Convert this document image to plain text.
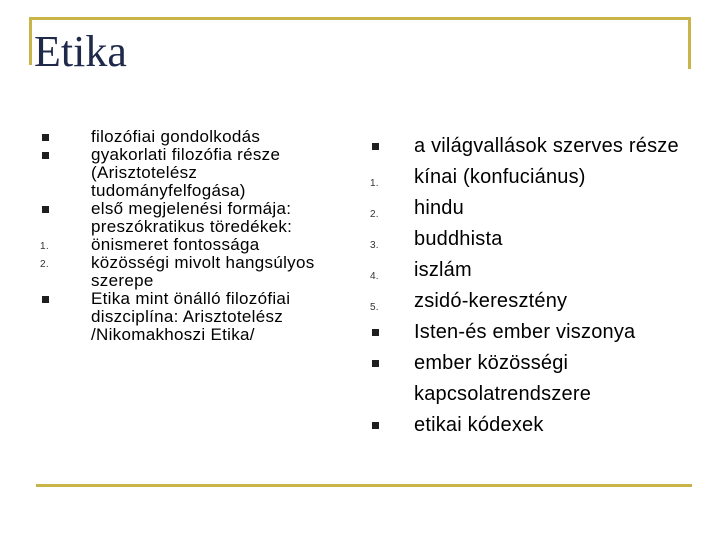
Etika
filozófiai gondolkodás
gyakorlati filozófia része (Arisztotelész tudományfelfogása)
első megjelenési formája: preszókratikus töredékek:
1. önismeret fontossága
2. közösségi mivolt hangsúlyos szerepe
Etika mint önálló filozófiai diszciplína: Arisztotelész /Nikomakhoszi Etika/
a világvallások szerves része
1. kínai (konfuciánus)
2. hindu
3. buddhista
4. iszlám
5. zsidó-keresztény
Isten-és ember viszonya
ember közösségi kapcsolatrendszere
etikai kódexek
